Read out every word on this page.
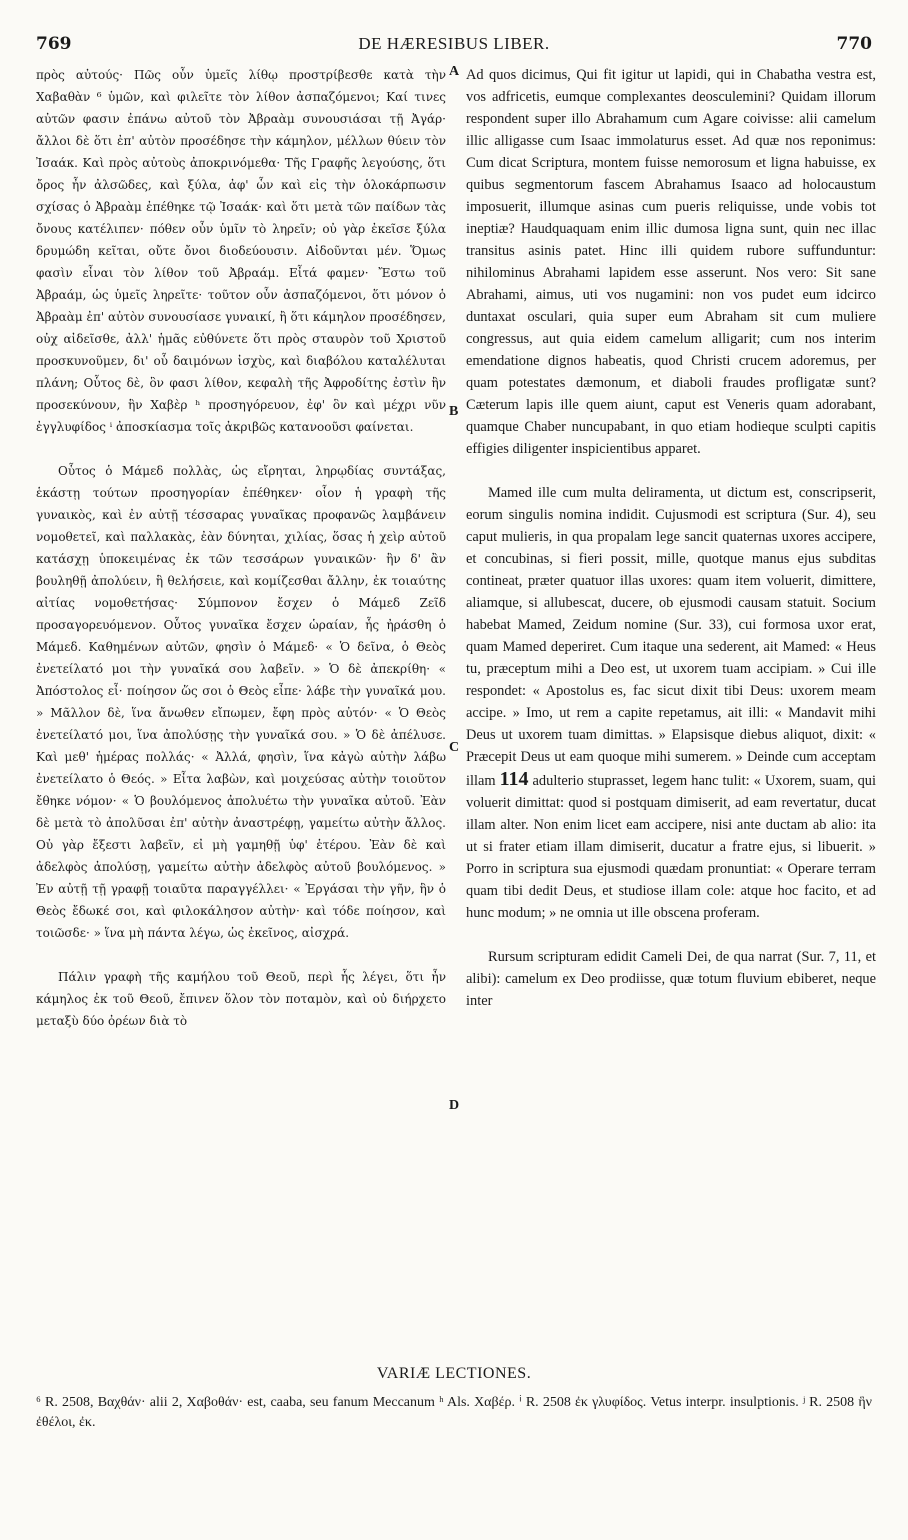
769	DE HÆRESIBUS LIBER.	770

πρὸς αὐτούς· Πῶς οὖν ὑμεῖς λίθῳ προστρίβεσθε κατὰ τὴν Χαβαθὰν ⁶ ὑμῶν, καὶ φιλεῖτε τὸν λίθον ἀσπαζόμενοι; Καί τινες αὐτῶν φασιν ἐπάνω αὐτοῦ τὸν Ἀβραὰμ συνουσιάσαι τῇ Ἀγάρ· ἄλλοι δὲ ὅτι ἐπ' αὐτὸν προσέδησε τὴν κάμηλον, μέλλων θύειν τὸν Ἰσαάκ. Καὶ πρὸς αὐτοὺς ἀποκρινόμεθα· Τῆς Γραφῆς λεγούσης, ὅτι ὄρος ἦν ἀλσῶδες, καὶ ξύλα, ἀφ' ὧν καὶ εἰς τὴν ὁλοκάρπωσιν σχίσας ὁ Ἀβραὰμ ἐπέθηκε τῷ Ἰσαάκ· καὶ ὅτι μετὰ τῶν παίδων τὰς ὄνους κατέλιπεν· πόθεν οὖν ὑμῖν τὸ ληρεῖν; οὐ γὰρ ἐκεῖσε ξύλα δρυμώδη κεῖται, οὔτε ὄνοι διοδεύουσιν. Αἰδοῦνται μέν. Ὅμως φασὶν εἶναι τὸν λίθον τοῦ Ἀβραάμ. Εἶτά φαμεν· Ἔστω τοῦ Ἀβραάμ, ὡς ὑμεῖς ληρεῖτε· τοῦτον οὖν ἀσπαζόμενοι, ὅτι μόνον ὁ Ἀβραὰμ ἐπ' αὐτὸν συνουσίασε γυναικί, ἢ ὅτι κάμηλον προσέδησεν, οὐχ αἰδεῖσθε, ἀλλ' ἡμᾶς εὐθύνετε ὅτι πρὸς σταυρὸν τοῦ Χριστοῦ προσκυνοῦμεν, δι' οὗ δαιμόνων ἰσχὺς, καὶ διαβόλου καταλέλυται πλάνη; Οὗτος δὲ, ὃν φασι λίθον, κεφαλὴ τῆς Ἀφροδίτης ἐστὶν ἣν προσεκύνουν, ἣν Χαβὲρ ʰ προσηγόρευον, ἐφ' ὃν καὶ μέχρι νῦν ἐγγλυφίδος ⁱ ἀποσκίασμα τοῖς ἀκριβῶς κατανοοῦσι φαίνεται.

Οὗτος ὁ Μάμεδ πολλὰς, ὡς εἴρηται, ληρῳδίας συντάξας, ἑκάστῃ τούτων προσηγορίαν ἐπέθηκεν· οἷον ἡ γραφὴ τῆς γυναικὸς, καὶ ἐν αὐτῇ τέσσαρας γυναῖκας προφανῶς λαμβάνειν νομοθετεῖ, καὶ παλλακὰς, ἐὰν δύνηται, χιλίας, ὅσας ἡ χεὶρ αὐτοῦ κατάσχῃ ὑποκειμένας ἐκ τῶν τεσσάρων γυναικῶν· ἣν δ' ἂν βουληθῇ ἀπολύειν, ἣ θελήσειε, καὶ κομίζεσθαι ἄλλην, ἐκ τοιαύτης αἰτίας νομοθετήσας· Σύμπονον ἔσχεν ὁ Μάμεδ Ζεῖδ προσαγορευόμενον. Οὗτος γυναῖκα ἔσχεν ὡραίαν, ἧς ἠράσθη ὁ Μάμεδ. Καθημένων αὐτῶν, φησὶν ὁ Μάμεδ· « Ὁ δεῖνα, ὁ Θεὸς ἐνετείλατό μοι τὴν γυναῖκά σου λαβεῖν. » Ὁ δὲ ἀπεκρίθη· « Ἀπόστολος εἶ· ποίησον ὥς σοι ὁ Θεὸς εἶπε· λάβε τὴν γυναῖκά μου. » Μᾶλλον δὲ, ἵνα ἄνωθεν εἴπωμεν, ἔφη πρὸς αὐτόν· « Ὁ Θεὸς ἐνετείλατό μοι, ἵνα ἀπολύσῃς τὴν γυναῖκά σου. » Ὁ δὲ ἀπέλυσε. Καὶ μεθ' ἡμέρας πολλάς· « Ἀλλά, φησὶν, ἵνα κἀγὼ αὐτὴν λάβω ἐνετείλατο ὁ Θεός. » Εἶτα λαβὼν, καὶ μοιχεύσας αὐτὴν τοιοῦτον ἔθηκε νόμον· « Ὁ βουλόμενος ἀπολυέτω τὴν γυναῖκα αὐτοῦ. Ἐὰν δὲ μετὰ τὸ ἀπολῦσαι ἐπ' αὐτὴν ἀναστρέφῃ, γαμείτω αὐτὴν ἄλλος. Οὐ γὰρ ἔξεστι λαβεῖν, εἰ μὴ γαμηθῇ ὑφ' ἑτέρου. Ἐὰν δὲ καὶ ἀδελφὸς ἀπολύσῃ, γαμείτω αὐτὴν ἀδελφὸς αὐτοῦ βουλόμενος. » Ἐν αὐτῇ τῇ γραφῇ τοιαῦτα παραγγέλλει· « Ἐργάσαι τὴν γῆν, ἣν ὁ Θεὸς ἔδωκέ σοι, καὶ φιλοκάλησον αὐτὴν· καὶ τόδε ποίησον, καὶ τοιῶσδε· » ἵνα μὴ πάντα λέγω, ὡς ἐκεῖνος, αἰσχρά.

Πάλιν γραφὴ τῆς καμήλου τοῦ Θεοῦ, περὶ ἧς λέγει, ὅτι ἦν κάμηλος ἐκ τοῦ Θεοῦ, ἔπινεν ὅλον τὸν ποταμὸν, καὶ οὐ διήρχετο μεταξὺ δύο ὀρέων διὰ τὸ

A
B
C
D

Ad quos dicimus, Qui fit igitur ut lapidi, qui in Chabatha vestra est, vos adfricetis, eumque complexantes deosculemini? Quidam illorum respondent super illo Abrahamum cum Agare coivisse: alii camelum illic alligasse cum Isaac immolaturus esset. Ad quæ nos reponimus: Cum dicat Scriptura, montem fuisse nemorosum et ligna habuisse, ex quibus segmentorum fascem Abrahamus Isaaco ad holocaustum imposuerit, illumque asinas cum pueris reliquisse, unde vobis tot ineptiæ? Haudquaquam enim illic dumosa ligna sunt, quin nec illac transitus asinis patet. Hinc illi quidem rubore suffunduntur: nihilominus Abrahami lapidem esse asserunt. Nos vero: Sit sane Abrahami, aimus, uti vos nugamini: non vos pudet eum idcirco duntaxat osculari, quia super eum Abraham sit cum muliere congressus, aut quia eidem camelum alligarit; cum nos interim emendatione dignos habeatis, quod Christi crucem adoremus, per quam potestates dæmonum, et diaboli fraudes profligatæ sunt? Cæterum lapis ille quem aiunt, caput est Veneris quam adorabant, quamque Chaber nuncupabant, in quo etiam hodieque sculpti capitis effigies diligenter inspicientibus apparet.

Mamed ille cum multa deliramenta, ut dictum est, conscripserit, eorum singulis nomina indidit. Cujusmodi est scriptura (Sur. 4), seu caput mulieris, in qua propalam lege sancit quaternas uxores accipere, et concubinas, si fieri possit, mille, quotque manus ejus subditas contineat, præter quatuor illas uxores: quam item voluerit, dimittere, aliamque, si allubescat, ducere, ob ejusmodi causam statuit. Socium habebat Mamed, Zeidum nomine (Sur. 33), cui formosa uxor erat, quam Mamed deperiret. Cum itaque una sederent, ait Mamed: « Heus tu, præceptum mihi a Deo est, ut uxorem tuam accipiam. » Cui ille respondet: « Apostolus es, fac sicut dixit tibi Deus: uxorem meam accipe. » Imo, ut rem a capite repetamus, ait illi: « Mandavit mihi Deus ut uxorem tuam dimittas. » Elapsisque diebus aliquot, dixit: « Præcepit Deus ut eam quoque mihi sumerem. » Deinde cum acceptam illam 114 adulterio stuprasset, legem hanc tulit: « Uxorem, suam, qui voluerit dimittat: quod si postquam dimiserit, ad eam revertatur, ducat illam alter. Non enim licet eam accipere, nisi ante ductam ab alio: ita ut si frater etiam illam dimiserit, ducatur a fratre ejus, si libuerit. » Porro in scriptura sua ejusmodi quædam pronuntiat: « Operare terram quam tibi dedit Deus, et studiose illam cole: atque hoc facito, et ad hunc modum; » ne omnia ut ille obscena proferam.

Rursum scripturam edidit Cameli Dei, de qua narrat (Sur. 7, 11, et alibi): camelum ex Deo prodiisse, quæ totum fluvium ebiberet, neque inter

VARIÆ LECTIONES.
⁶ R. 2508, Βαχθάν· alii 2, Χαβοθάν· est, caaba, seu fanum Meccanum ʰ Als. Χαβέρ. ⁱ R. 2508 ἐκ γλυφίδος. Vetus interpr. insulptionis. ʲ R. 2508 ἣν ἐθέλοι, ἐκ.
